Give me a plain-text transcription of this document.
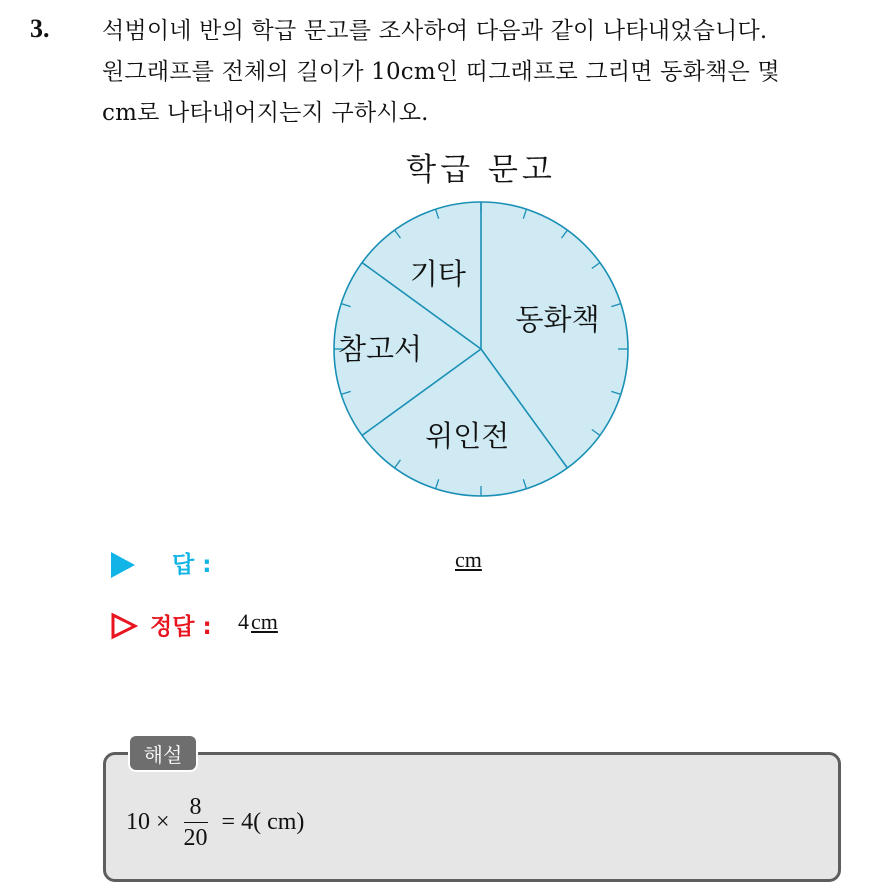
3. 석범이네 반의 학급 문고를 조사하여 다음과 같이 나타내었습니다.
원그래프를 전체의 길이가 10cm인 띠그래프로 그리면 동화책은 몇
cm로 나타내어지는지 구하시오.
학급 문고
동화책
위인전
참고서
기타
답 :	cm
정답 : 4cm
해설
$10 \times \frac{8}{20} = 4$( cm)
